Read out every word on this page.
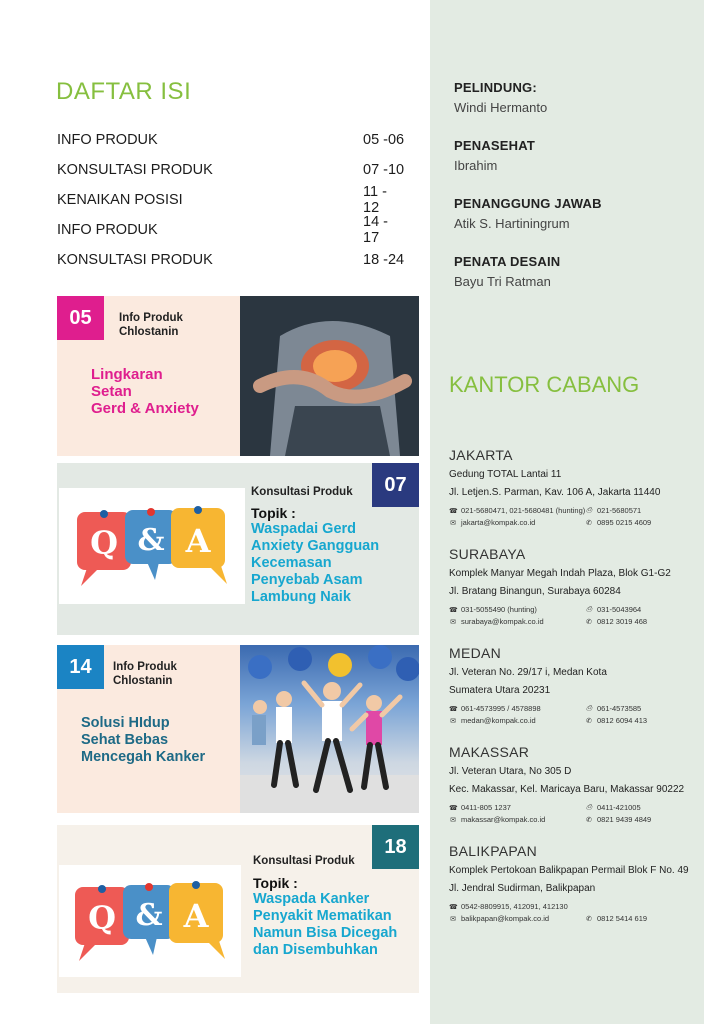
DAFTAR ISI
INFO PRODUK	05 -06
KONSULTASI PRODUK	07 -10
KENAIKAN POSISI	11 - 12
INFO PRODUK	14 - 17
KONSULTASI PRODUK	18 -24
05	Info Produk
Chlostanin
Lingkaran
Setan
Gerd & Anxiety
Q & A
Konsultasi Produk
Topik :
Waspadai Gerd
Anxiety Gangguan
Kecemasan
Penyebab Asam
Lambung Naik
07
14	Info Produk
Chlostanin
Solusi HIdup
Sehat Bebas
Mencegah Kanker
Q & A
Konsultasi Produk
Topik :
Waspada Kanker
Penyakit Mematikan
Namun Bisa Dicegah
dan Disembuhkan
18
PELINDUNG:
Windi Hermanto
PENASEHAT
Ibrahim
PENANGGUNG JAWAB
Atik S. Hartiningrum
PENATA DESAIN
Bayu Tri Ratman
KANTOR CABANG
JAKARTA
Gedung TOTAL Lantai 11
Jl. Letjen.S. Parman, Kav. 106 A, Jakarta 11440
☎ 021-5680471, 021-5680481 (hunting) ⎙ 021-5680571
✉ jakarta@kompak.co.id	✆ 0895 0215 4609
SURABAYA
Komplek Manyar Megah Indah Plaza, Blok G1-G2
Jl. Bratang Binangun, Surabaya 60284
☎ 031-5055490 (hunting)	⎙ 031-5043964
✉ surabaya@kompak.co.id	✆ 0812 3019 468
MEDAN
Jl. Veteran No. 29/17 i, Medan Kota
Sumatera Utara 20231
☎ 061-4573995 / 4578898	⎙ 061-4573585
✉ medan@kompak.co.id	✆ 0812 6094 413
MAKASSAR
Jl. Veteran Utara, No 305 D
Kec. Makassar, Kel. Maricaya Baru, Makassar 90222
☎ 0411-805 1237	⎙ 0411-421005
✉ makassar@kompak.co.id	✆ 0821 9439 4849
BALIKPAPAN
Komplek Pertokoan Balikpapan Permail Blok F No. 49
Jl. Jendral Sudirman, Balikpapan
☎ 0542-8809915, 412091, 412130
✉ balikpapan@kompak.co.id	✆ 0812 5414 619
